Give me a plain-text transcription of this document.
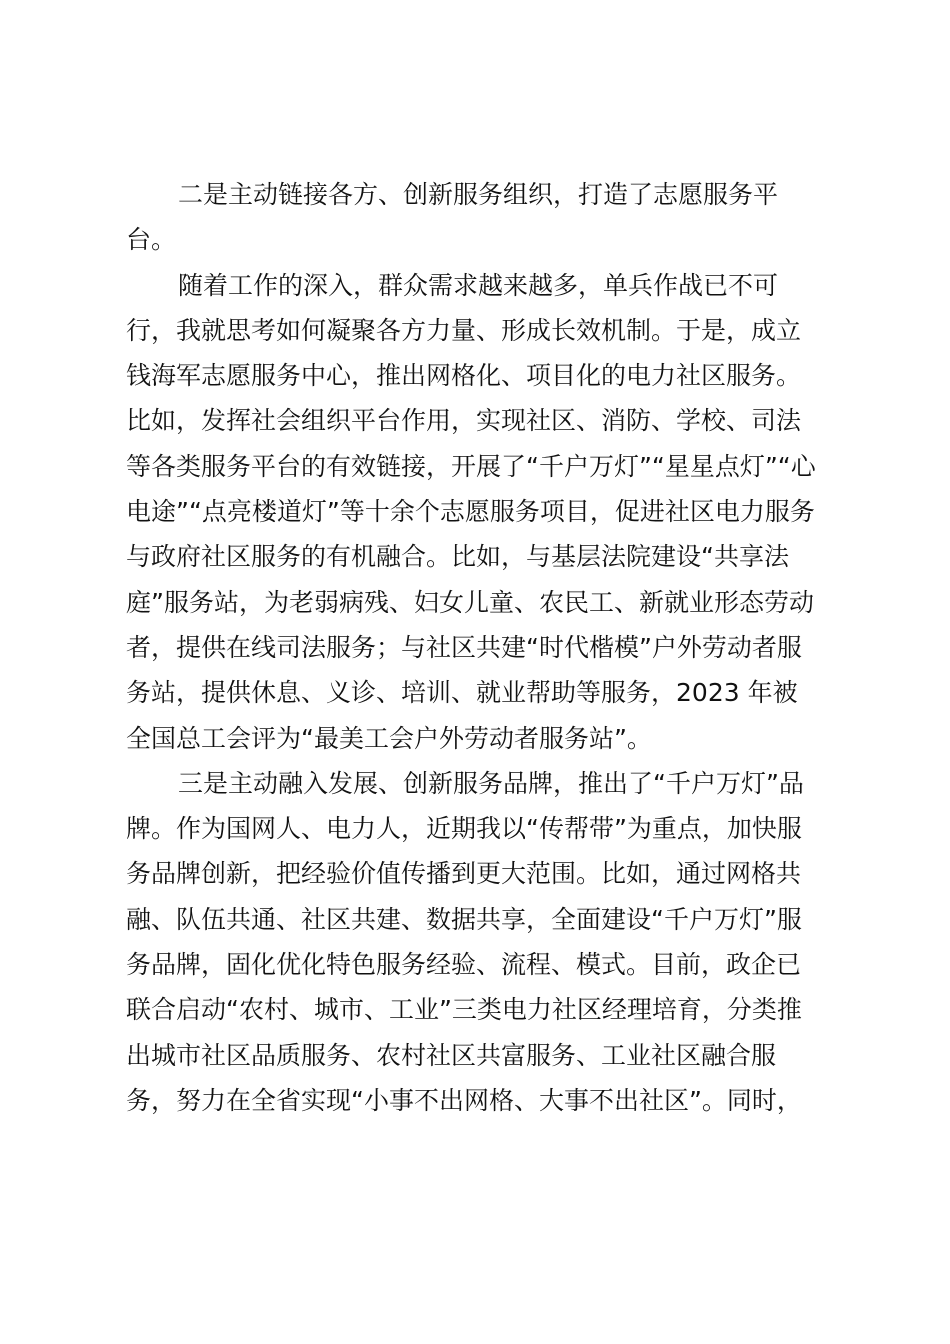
二是主动链接各方、创新服务组织，打造了志愿服务平
台。
随着工作的深入，群众需求越来越多，单兵作战已不可
行，我就思考如何凝聚各方力量、形成长效机制。于是，成立
钱海军志愿服务中心，推出网格化、项目化的电力社区服务。
比如，发挥社会组织平台作用，实现社区、消防、学校、司法
等各类服务平台的有效链接，开展了“千户万灯”“星星点灯”“心
电途”“点亮楼道灯”等十余个志愿服务项目，促进社区电力服务
与政府社区服务的有机融合。比如，与基层法院建设“共享法
庭”服务站，为老弱病残、妇女儿童、农民工、新就业形态劳动
者，提供在线司法服务；与社区共建“时代楷模”户外劳动者服
务站，提供休息、义诊、培训、就业帮助等服务，2023 年被
全国总工会评为“最美工会户外劳动者服务站”。
三是主动融入发展、创新服务品牌，推出了“千户万灯”品
牌。作为国网人、电力人，近期我以“传帮带”为重点，加快服
务品牌创新，把经验价值传播到更大范围。比如，通过网格共
融、队伍共通、社区共建、数据共享，全面建设“千户万灯”服
务品牌，固化优化特色服务经验、流程、模式。目前，政企已
联合启动“农村、城市、工业”三类电力社区经理培育，分类推
出城市社区品质服务、农村社区共富服务、工业社区融合服
务，努力在全省实现“小事不出网格、大事不出社区”。同时，
